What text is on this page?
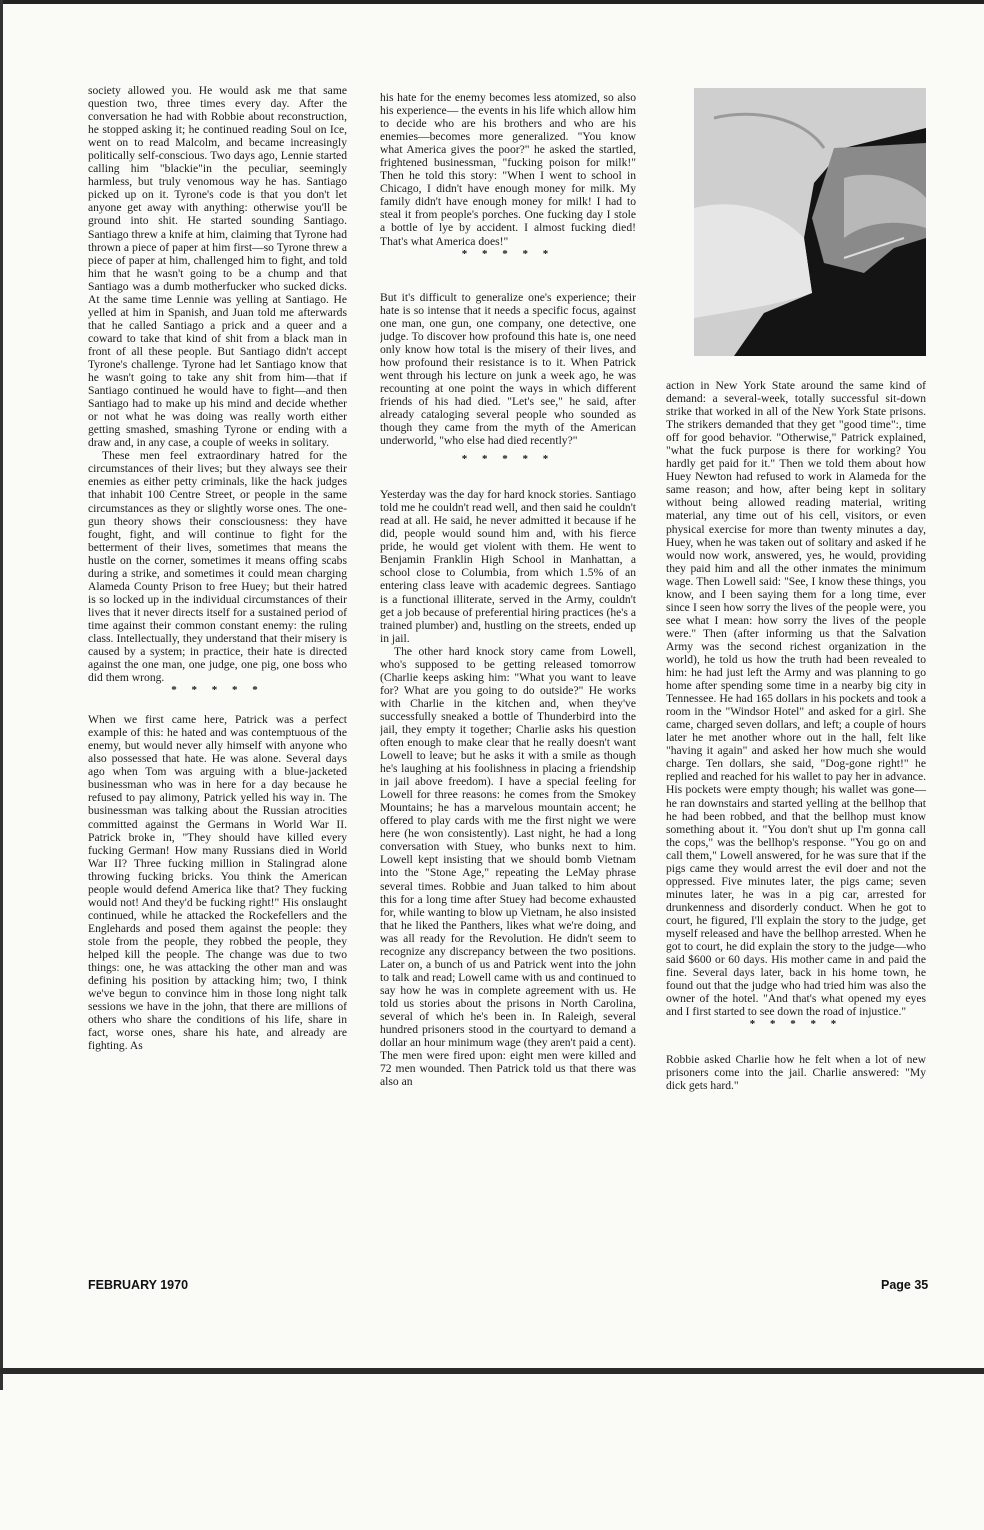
society allowed you. He would ask me that same question two, three times every day. After the conversation he had with Robbie about reconstruction, he stopped asking it; he continued reading Soul on Ice, went on to read Malcolm, and became increasingly politically self-conscious. Two days ago, Lennie started calling him "blackie"in the peculiar, seemingly harmless, but truly venomous way he has. Santiago picked up on it. Tyrone's code is that you don't let anyone get away with anything: otherwise you'll be ground into shit. He started sounding Santiago. Santiago threw a knife at him, claiming that Tyrone had thrown a piece of paper at him first—so Tyrone threw a piece of paper at him, challenged him to fight, and told him that he wasn't going to be a chump and that Santiago was a dumb motherfucker who sucked dicks. At the same time Lennie was yelling at Santiago. He yelled at him in Spanish, and Juan told me afterwards that he called Santiago a prick and a queer and a coward to take that kind of shit from a black man in front of all these people. But Santiago didn't accept Tyrone's challenge. Tyrone had let Santiago know that he wasn't going to take any shit from him—that if Santiago continued he would have to fight—and then Santiago had to make up his mind and decide whether or not what he was doing was really worth either getting smashed, smashing Tyrone or ending with a draw and, in any case, a couple of weeks in solitary.

These men feel extraordinary hatred for the circumstances of their lives; but they always see their enemies as either petty criminals, like the hack judges that inhabit 100 Centre Street, or people in the same circumstances as they or slightly worse ones. The one-gun theory shows their consciousness: they have fought, fight, and will continue to fight for the betterment of their lives, sometimes that means the hustle on the corner, sometimes it means offing scabs during a strike, and sometimes it could mean charging Alameda County Prison to free Huey; but their hatred is so locked up in the individual circumstances of their lives that it never directs itself for a sustained period of time against their common constant enemy: the ruling class. Intellectually, they understand that their misery is caused by a system; in practice, their hate is directed against the one man, one judge, one pig, one boss who did them wrong.

* * * * *

When we first came here, Patrick was a perfect example of this: he hated and was contemptuous of the enemy, but would never ally himself with anyone who also possessed that hate. He was alone. Several days ago when Tom was arguing with a blue-jacketed businessman who was in here for a day because he refused to pay alimony, Patrick yelled his way in. The businessman was talking about the Russian atrocities committed against the Germans in World War II. Patrick broke in, "They should have killed every fucking German! How many Russians died in World War II? Three fucking million in Stalingrad alone throwing fucking bricks. You think the American people would defend America like that? They fucking would not! And they'd be fucking right!" His onslaught continued, while he attacked the Rockefellers and the Englehards and posed them against the people: they stole from the people, they robbed the people, they helped kill the people. The change was due to two things: one, he was attacking the other man and was defining his position by attacking him; two, I think we've begun to convince him in those long night talk sessions we have in the john, that there are millions of others who share the conditions of his life, share in fact, worse ones, share his hate, and already are fighting. As

his hate for the enemy becomes less atomized, so also his experience— the events in his life which allow him to decide who are his brothers and who are his enemies—becomes more generalized. "You know what America gives the poor?" he asked the startled, frightened businessman, "fucking poison for milk!" Then he told this story: "When I went to school in Chicago, I didn't have enough money for milk. My family didn't have enough money for milk! I had to steal it from people's porches. One fucking day I stole a bottle of lye by accident. I almost fucking died! That's what America does!"

* * * * *

But it's difficult to generalize one's experience; their hate is so intense that it needs a specific focus, against one man, one gun, one company, one detective, one judge. To discover how profound this hate is, one need only know how total is the misery of their lives, and how profound their resistance is to it. When Patrick went through his lecture on junk a week ago, he was recounting at one point the ways in which different friends of his had died. "Let's see," he said, after already cataloging several people who sounded as though they came from the myth of the American underworld, "who else had died recently?"

* * * * *

Yesterday was the day for hard knock stories. Santiago told me he couldn't read well, and then said he couldn't read at all. He said, he never admitted it because if he did, people would sound him and, with his fierce pride, he would get violent with them. He went to Benjamin Franklin High School in Manhattan, a school close to Columbia, from which 1.5% of an entering class leave with academic degrees. Santiago is a functional illiterate, served in the Army, couldn't get a job because of preferential hiring practices (he's a trained plumber) and, hustling on the streets, ended up in jail.

The other hard knock story came from Lowell, who's supposed to be getting released tomorrow (Charlie keeps asking him: "What you want to leave for? What are you going to do outside?" He works with Charlie in the kitchen and, when they've successfully sneaked a bottle of Thunderbird into the jail, they empty it together; Charlie asks his question often enough to make clear that he really doesn't want Lowell to leave; but he asks it with a smile as though he's laughing at his foolishness in placing a friendship in jail above freedom). I have a special feeling for Lowell for three reasons: he comes from the Smokey Mountains; he has a marvelous mountain accent; he offered to play cards with me the first night we were here (he won consistently). Last night, he had a long conversation with Stuey, who bunks next to him. Lowell kept insisting that we should bomb Vietnam into the "Stone Age," repeating the LeMay phrase several times. Robbie and Juan talked to him about this for a long time after Stuey had become exhausted for, while wanting to blow up Vietnam, he also insisted that he liked the Panthers, likes what we're doing, and was all ready for the Revolution. He didn't seem to recognize any discrepancy between the two positions. Later on, a bunch of us and Patrick went into the john to talk and read; Lowell came with us and continued to say how he was in complete agreement with us. He told us stories about the prisons in North Carolina, several of which he's been in. In Raleigh, several hundred prisoners stood in the courtyard to demand a dollar an hour minimum wage (they aren't paid a cent). The men were fired upon: eight men were killed and 72 men wounded. Then Patrick told us that there was also an

action in New York State around the same kind of demand: a several-week, totally successful sit-down strike that worked in all of the New York State prisons. The strikers demanded that they get "good time":, time off for good behavior. "Otherwise," Patrick explained, "what the fuck purpose is there for working? You hardly get paid for it." Then we told them about how Huey Newton had refused to work in Alameda for the same reason; and how, after being kept in solitary without being allowed reading material, writing material, any time out of his cell, visitors, or even physical exercise for more than twenty minutes a day, Huey, when he was taken out of solitary and asked if he would now work, answered, yes, he would, providing they paid him and all the other inmates the minimum wage. Then Lowell said: "See, I know these things, you know, and I been saying them for a long time, ever since I seen how sorry the lives of the people were, you see what I mean: how sorry the lives of the people were." Then (after informing us that the Salvation Army was the second richest organization in the world), he told us how the truth had been revealed to him: he had just left the Army and was planning to go home after spending some time in a nearby big city in Tennessee. He had 165 dollars in his pockets and took a room in the "Windsor Hotel" and asked for a girl. She came, charged seven dollars, and left; a couple of hours later he met another whore out in the hall, felt like "having it again" and asked her how much she would charge. Ten dollars, she said, "Dog-gone right!" he replied and reached for his wallet to pay her in advance. His pockets were empty though; his wallet was gone—he ran downstairs and started yelling at the bellhop that he had been robbed, and that the bellhop must know something about it. "You don't shut up I'm gonna call the cops," was the bellhop's response. "You go on and call them," Lowell answered, for he was sure that if the pigs came they would arrest the evil doer and not the oppressed. Five minutes later, the pigs came; seven minutes later, he was in a pig car, arrested for drunkenness and disorderly conduct. When he got to court, he figured, I'll explain the story to the judge, get myself released and have the bellhop arrested. When he got to court, he did explain the story to the judge—who said $600 or 60 days. His mother came in and paid the fine. Several days later, back in his home town, he found out that the judge who had tried him was also the owner of the hotel. "And that's what opened my eyes and I first started to see down the road of injustice."

* * * * *

Robbie asked Charlie how he felt when a lot of new prisoners come into the jail. Charlie answered: "My dick gets hard."

FEBRUARY 1970	Page 35
